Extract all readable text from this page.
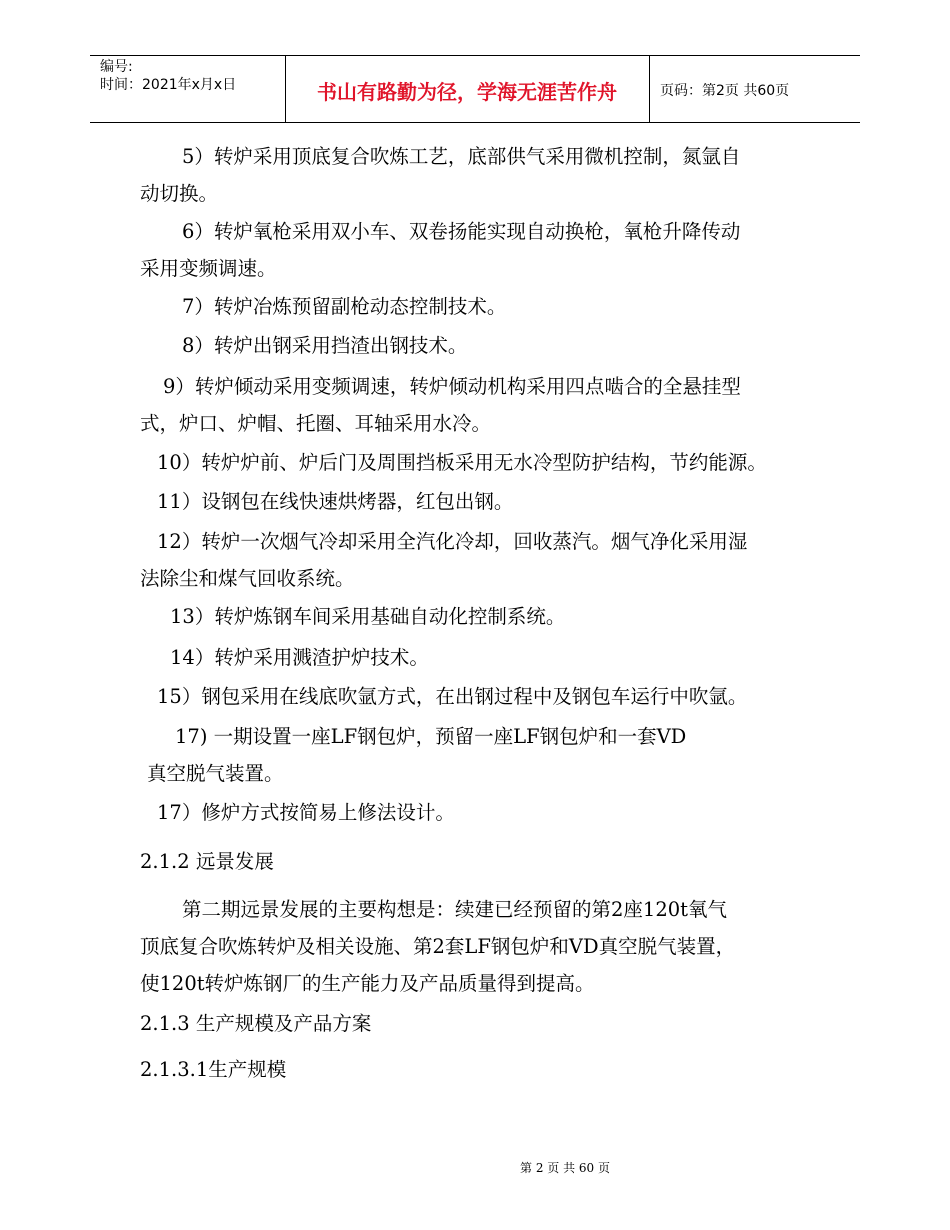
编号:
时间：2021年x月x日	书山有路勤为径，学海无涯苦作舟	页码：第2页 共60页
5）转炉采用顶底复合吹炼工艺，底部供气采用微机控制，氮氩自
动切换。
6）转炉氧枪采用双小车、双卷扬能实现自动换枪，氧枪升降传动
采用变频调速。
7）转炉冶炼预留副枪动态控制技术。
8）转炉出钢采用挡渣出钢技术。
9）转炉倾动采用变频调速，转炉倾动机构采用四点啮合的全悬挂型
式，炉口、炉帽、托圈、耳轴采用水冷。
10）转炉炉前、炉后门及周围挡板采用无水冷型防护结构，节约能源。
11）设钢包在线快速烘烤器，红包出钢。
12）转炉一次烟气冷却采用全汽化冷却，回收蒸汽。烟气净化采用湿
法除尘和煤气回收系统。
13）转炉炼钢车间采用基础自动化控制系统。
14）转炉采用溅渣护炉技术。
15）钢包采用在线底吹氩方式，在出钢过程中及钢包车运行中吹氩。
17) 一期设置一座LF钢包炉，预留一座LF钢包炉和一套VD
真空脱气装置。
17）修炉方式按简易上修法设计。
2.1.2 远景发展
第二期远景发展的主要构想是：续建已经预留的第2座120t氧气
顶底复合吹炼转炉及相关设施、第2套LF钢包炉和VD真空脱气装置，
使120t转炉炼钢厂的生产能力及产品质量得到提高。
2.1.3 生产规模及产品方案
2.1.3.1生产规模
第 2 页 共 60 页
